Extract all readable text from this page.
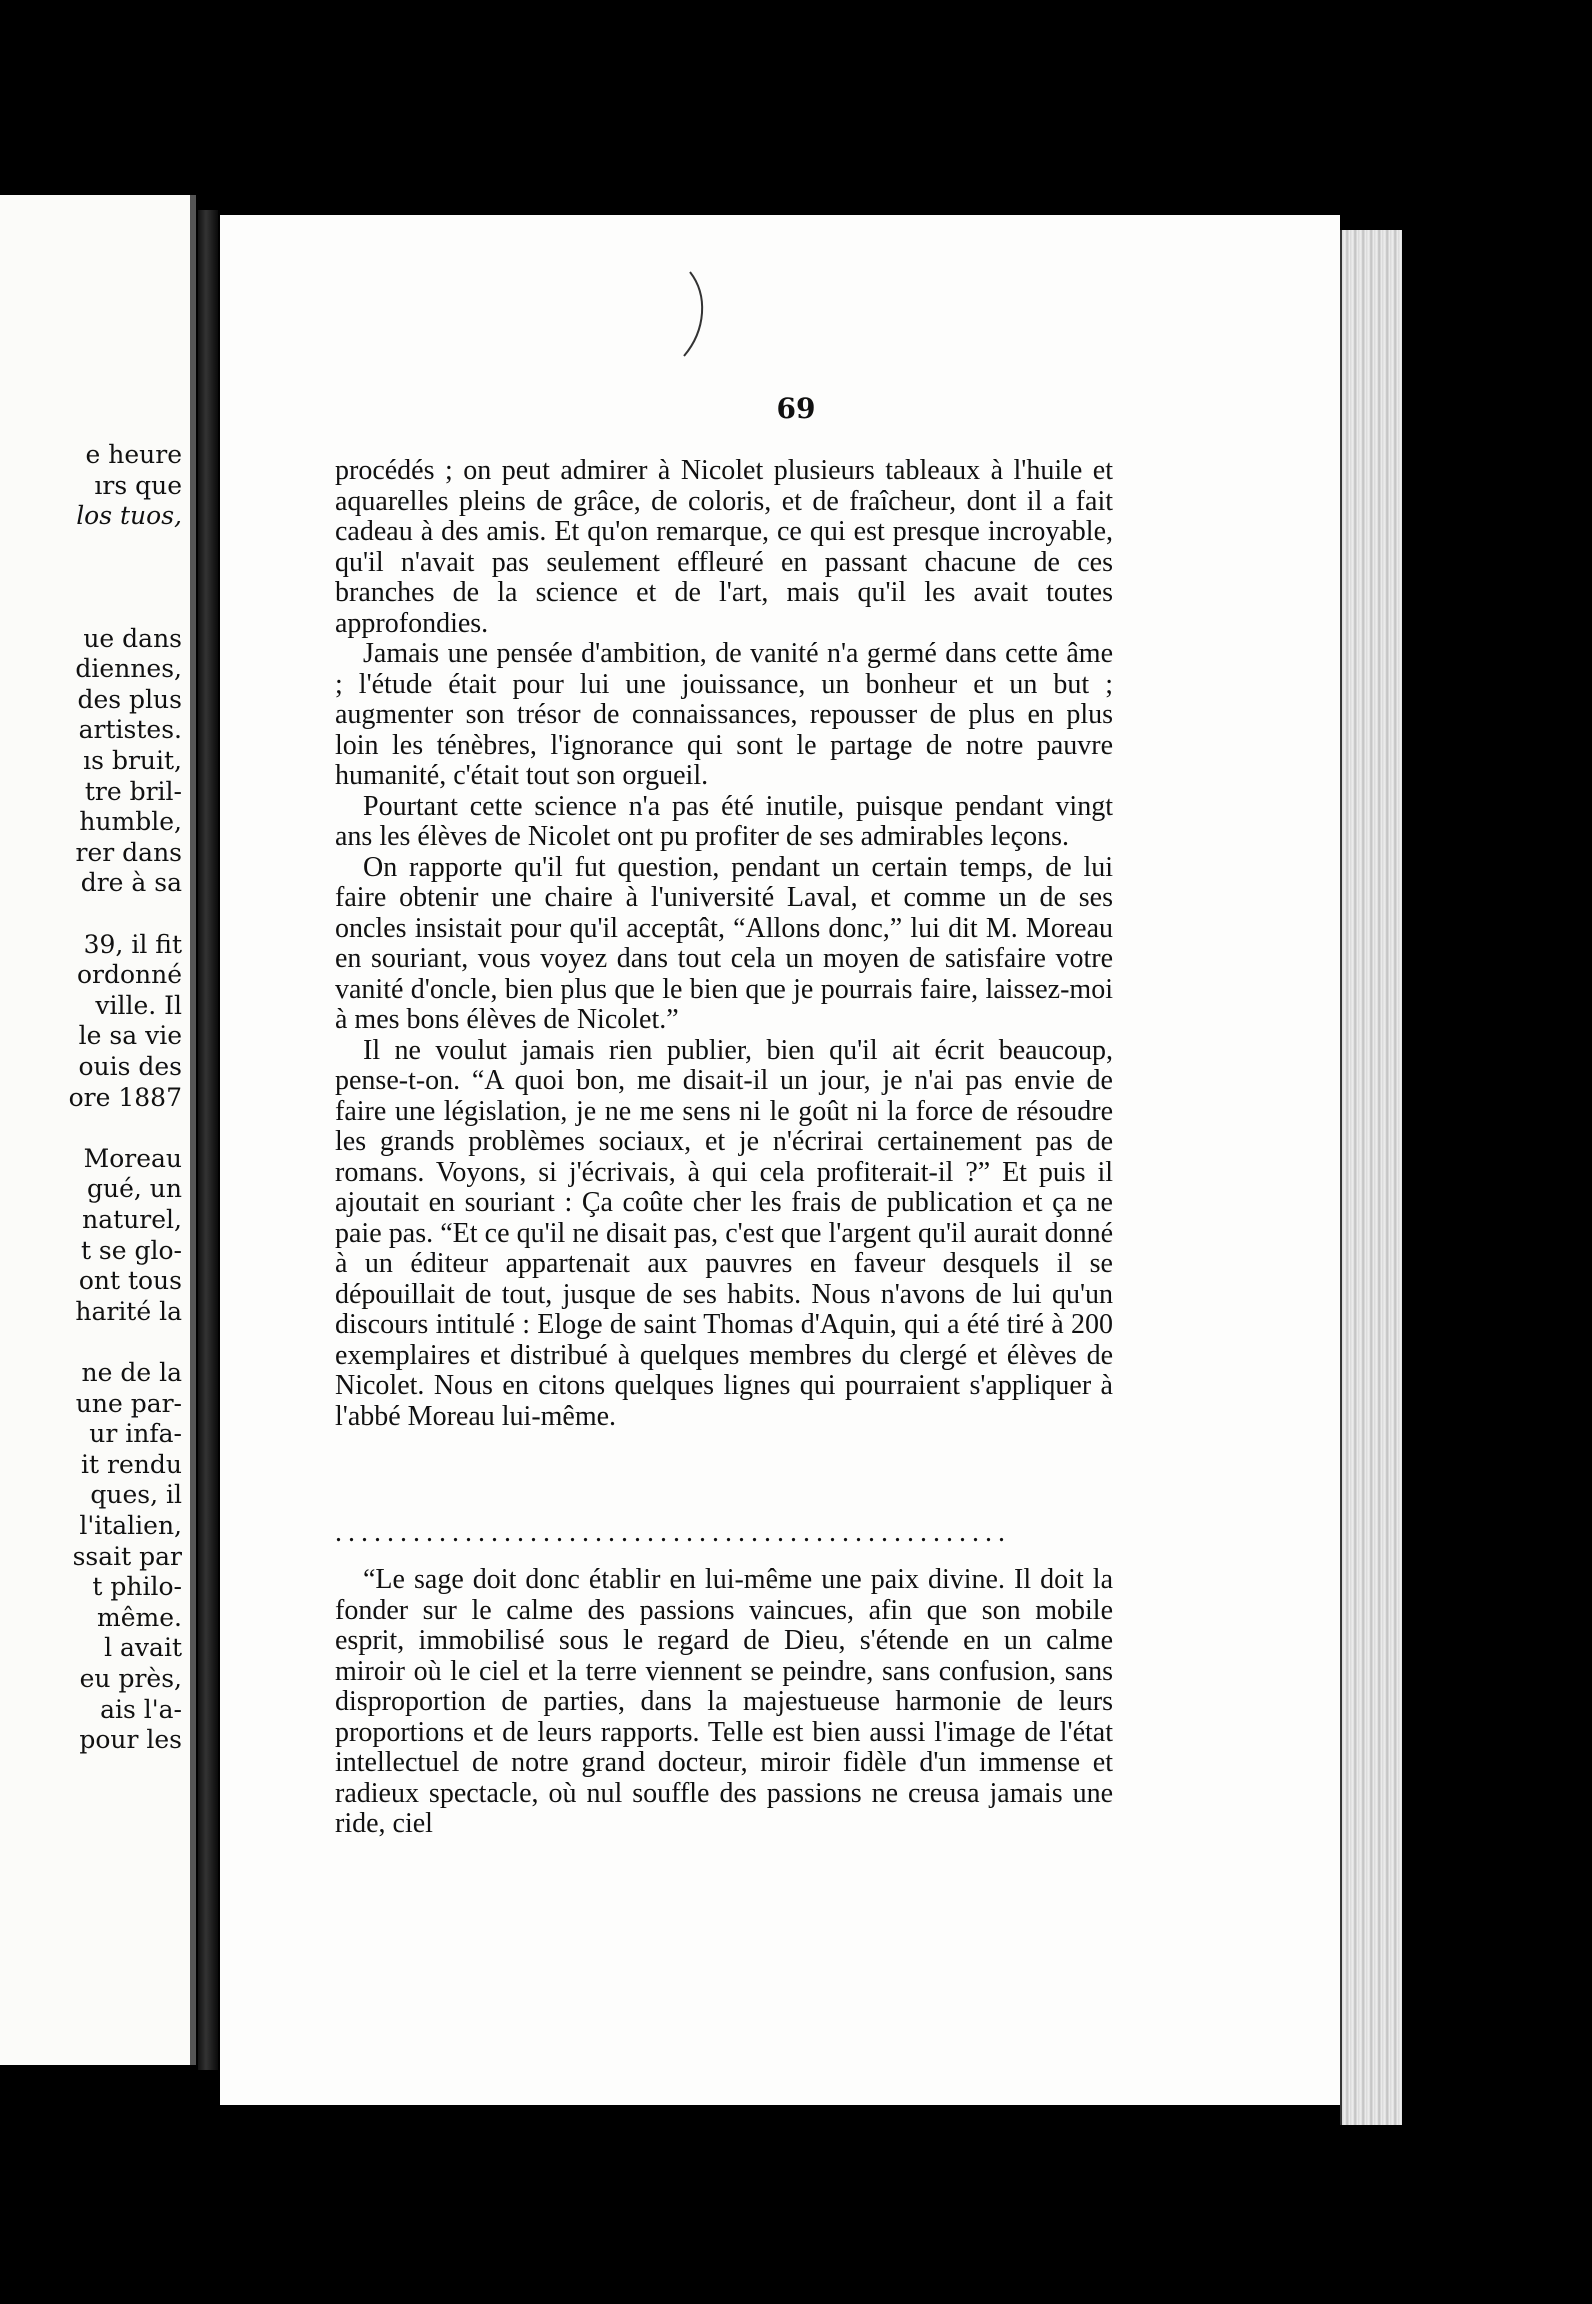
e heure
ırs que
los tuos,
ue dans
diennes,
des plus
artistes.
ıs bruit,
tre bril-
humble,
rer dans
dre à sa
39, il fit
ordonné
ville. Il
le sa vie
ouis des
ore 1887
Moreau
gué, un
naturel,
t se glo-
ont tous
harité la
ne de la
une par-
ur infa-
it rendu
ques, il
l'italien,
ssait par
t philo-
même.
l avait
eu près,
ais l'a-
pour les
69

procédés ; on peut admirer à Nicolet plusieurs tableaux à l'huile et aquarelles pleins de grâce, de coloris, et de fraîcheur, dont il a fait cadeau à des amis. Et qu'on remarque, ce qui est presque incroyable, qu'il n'avait pas seulement effleuré en passant chacune de ces branches de la science et de l'art, mais qu'il les avait toutes approfondies.

Jamais une pensée d'ambition, de vanité n'a germé dans cette âme ; l'étude était pour lui une jouissance, un bonheur et un but ; augmenter son trésor de connaissances, repousser de plus en plus loin les ténèbres, l'ignorance qui sont le partage de notre pauvre humanité, c'était tout son orgueil.

Pourtant cette science n'a pas été inutile, puisque pendant vingt ans les élèves de Nicolet ont pu profiter de ses admirables leçons.

On rapporte qu'il fut question, pendant un certain temps, de lui faire obtenir une chaire à l'université Laval, et comme un de ses oncles insistait pour qu'il acceptât, “Allons donc,” lui dit M. Moreau en souriant, vous voyez dans tout cela un moyen de satisfaire votre vanité d'oncle, bien plus que le bien que je pourrais faire, laissez-moi à mes bons élèves de Nicolet.”

Il ne voulut jamais rien publier, bien qu'il ait écrit beaucoup, pense-t-on. “A quoi bon, me disait-il un jour, je n'ai pas envie de faire une législation, je ne me sens ni le goût ni la force de résoudre les grands problèmes sociaux, et je n'écrirai certainement pas de romans. Voyons, si j'écrivais, à qui cela profiterait-il ?” Et puis il ajoutait en souriant : Ça coûte cher les frais de publication et ça ne paie pas. “Et ce qu'il ne disait pas, c'est que l'argent qu'il aurait donné à un éditeur appartenait aux pauvres en faveur desquels il se dépouillait de tout, jusque de ses habits. Nous n'avons de lui qu'un discours intitulé : Eloge de saint Thomas d'Aquin, qui a été tiré à 200 exemplaires et distribué à quelques membres du clergé et élèves de Nicolet. Nous en citons quelques lignes qui pourraient s'appliquer à l'abbé Moreau lui-même.

....................................................

“Le sage doit donc établir en lui-même une paix divine. Il doit la fonder sur le calme des passions vaincues, afin que son mobile esprit, immobilisé sous le regard de Dieu, s'étende en un calme miroir où le ciel et la terre viennent se peindre, sans confusion, sans disproportion de parties, dans la majestueuse harmonie de leurs proportions et de leurs rapports. Telle est bien aussi l'image de l'état intellectuel de notre grand docteur, miroir fidèle d'un immense et radieux spectacle, où nul souffle des passions ne creusa jamais une ride, ciel
